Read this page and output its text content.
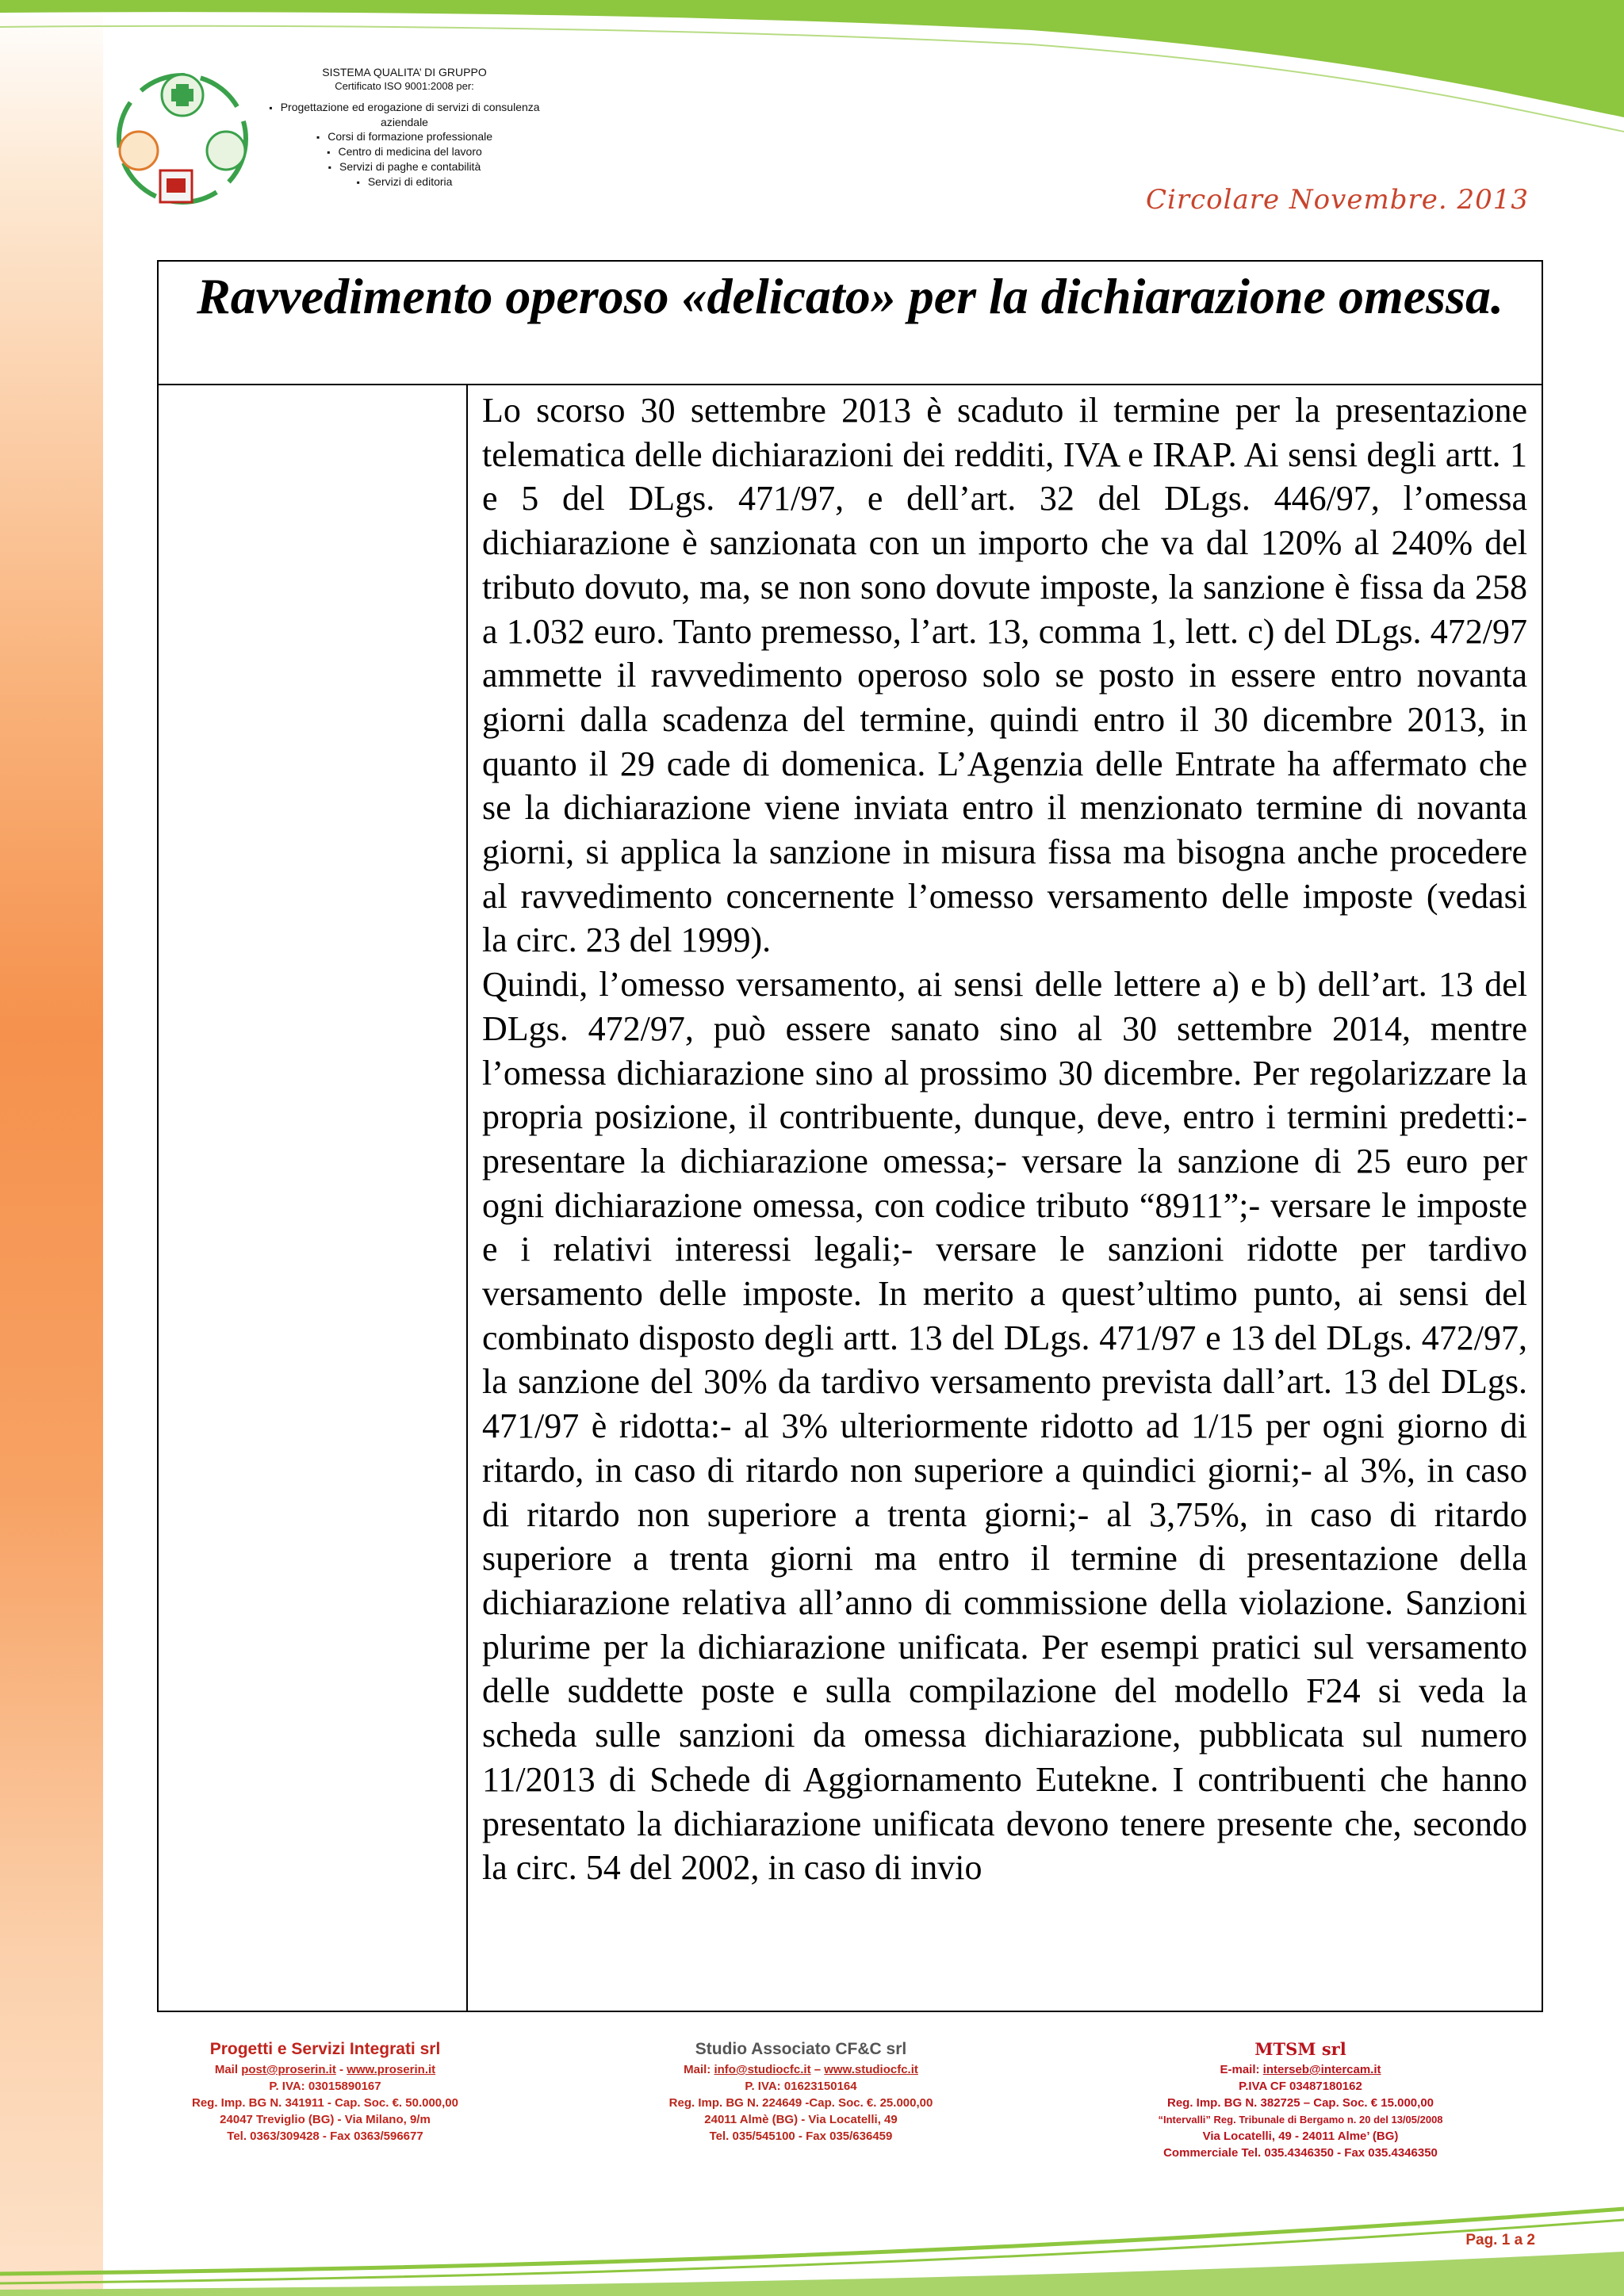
SISTEMA QUALITA’ DI GRUPPO
Certificato ISO 9001:2008 per:
▪ Progettazione ed erogazione di servizi di consulenza aziendale
▪ Corsi di formazione professionale
▪ Centro di medicina del lavoro
▪ Servizi di paghe e contabilità
▪ Servizi di editoria
Circolare Novembre. 2013
Ravvedimento operoso «delicato» per la dichiarazione omessa.

Lo scorso 30 settembre 2013 è scaduto il termine per la presentazione telematica delle dichiarazioni dei redditi, IVA e IRAP. Ai sensi degli artt. 1 e 5 del DLgs. 471/97, e dell’art. 32 del DLgs. 446/97, l’omessa dichiarazione è sanzionata con un importo che va dal 120% al 240% del tributo dovuto, ma, se non sono dovute imposte, la sanzione è fissa da 258 a 1.032 euro. Tanto premesso, l’art. 13, comma 1, lett. c) del DLgs. 472/97 ammette il ravvedimento operoso solo se posto in essere entro novanta giorni dalla scadenza del termine, quindi entro il 30 dicembre 2013, in quanto il 29 cade di domenica. L’Agenzia delle Entrate ha affermato che se la dichiarazione viene inviata entro il menzionato termine di novanta giorni, si applica la sanzione in misura fissa ma bisogna anche procedere al ravvedimento concernente l’omesso versamento delle imposte (vedasi la circ. 23 del 1999).

Quindi, l’omesso versamento, ai sensi delle lettere a) e b) dell’art. 13 del DLgs. 472/97, può essere sanato sino al 30 settembre 2014, mentre l’omessa dichiarazione sino al prossimo 30 dicembre. Per regolarizzare la propria posizione, il contribuente, dunque, deve, entro i termini predetti:- presentare la dichiarazione omessa;- versare la sanzione di 25 euro per ogni dichiarazione omessa, con codice tributo “8911”;- versare le imposte e i relativi interessi legali;- versare le sanzioni ridotte per tardivo versamento delle imposte. In merito a quest’ultimo punto, ai sensi del combinato disposto degli artt. 13 del DLgs. 471/97 e 13 del DLgs. 472/97, la sanzione del 30% da tardivo versamento prevista dall’art. 13 del DLgs. 471/97 è ridotta:- al 3% ulteriormente ridotto ad 1/15 per ogni giorno di ritardo, in caso di ritardo non superiore a quindici giorni;- al 3%, in caso di ritardo non superiore a trenta giorni;- al 3,75%, in caso di ritardo superiore a trenta giorni ma entro il termine di presentazione della dichiarazione relativa all’anno di commissione della violazione. Sanzioni plurime per la dichiarazione unificata. Per esempi pratici sul versamento delle suddette poste e sulla compilazione del modello F24 si veda la scheda sulle sanzioni da omessa dichiarazione, pubblicata sul numero 11/2013 di Schede di Aggiornamento Eutekne. I contribuenti che hanno presentato la dichiarazione unificata devono tenere presente che, secondo la circ. 54 del 2002, in caso di invio

Progetti e Servizi Integrati srl
Mail post@proserin.it - www.proserin.it
P. IVA: 03015890167
Reg. Imp. BG N. 341911 - Cap. Soc. €. 50.000,00
24047 Treviglio (BG) - Via Milano, 9/m
Tel. 0363/309428 - Fax 0363/596677
Studio Associato CF&C srl
Mail: info@studiocfc.it – www.studiocfc.it
P. IVA: 01623150164
Reg. Imp. BG N. 224649 -Cap. Soc. €. 25.000,00
24011 Almè (BG) - Via Locatelli, 49
Tel. 035/545100 - Fax 035/636459
MTSM srl
E-mail: interseb@intercam.it
P.IVA CF 03487180162
Reg. Imp. BG N. 382725 – Cap. Soc. € 15.000,00
“Intervalli” Reg. Tribunale di Bergamo n. 20 del 13/05/2008
Via Locatelli, 49 - 24011 Alme’ (BG)
Commerciale Tel. 035.4346350 - Fax 035.4346350
Pag. 1 a 2
